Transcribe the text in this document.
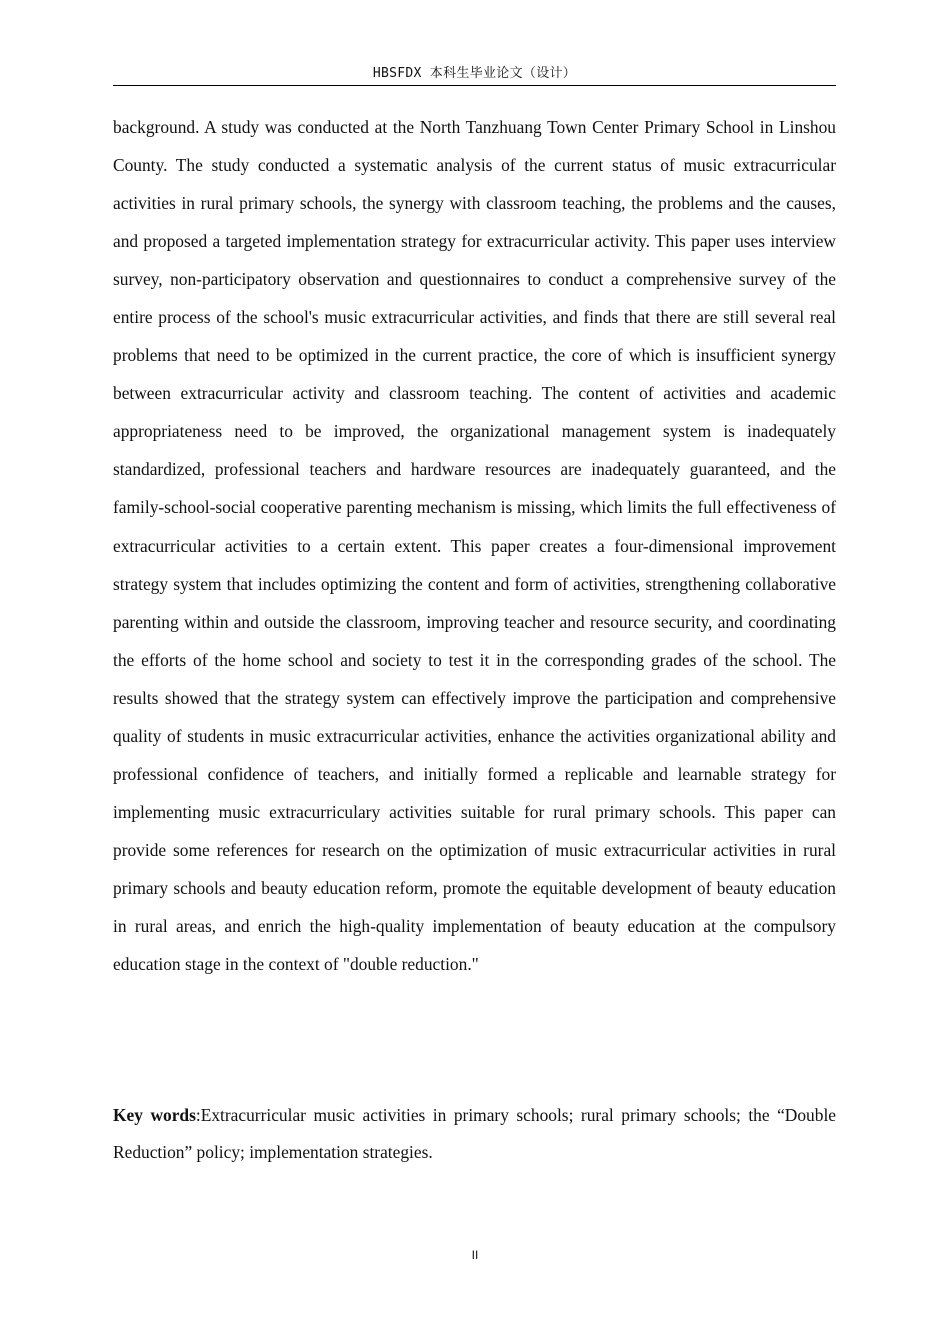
HBSFDX 本科生毕业论文（设计）

background. A study was conducted at the North Tanzhuang Town Center Primary School in Linshou County. The study conducted a systematic analysis of the current status of music extracurricular activities in rural primary schools, the synergy with classroom teaching, the problems and the causes, and proposed a targeted implementation strategy for extracurricular activity. This paper uses interview survey, non-participatory observation and questionnaires to conduct a comprehensive survey of the entire process of the school's music extracurricular activities, and finds that there are still several real problems that need to be optimized in the current practice, the core of which is insufficient synergy between extracurricular activity and classroom teaching. The content of activities and academic appropriateness need to be improved, the organizational management system is inadequately standardized, professional teachers and hardware resources are inadequately guaranteed, and the family-school-social cooperative parenting mechanism is missing, which limits the full effectiveness of extracurricular activities to a certain extent. This paper creates a four-dimensional improvement strategy system that includes optimizing the content and form of activities, strengthening collaborative parenting within and outside the classroom, improving teacher and resource security, and coordinating the efforts of the home school and society to test it in the corresponding grades of the school. The results showed that the strategy system can effectively improve the participation and comprehensive quality of students in music extracurricular activities, enhance the activities organizational ability and professional confidence of teachers, and initially formed a replicable and learnable strategy for implementing music extracurriculary activities suitable for rural primary schools. This paper can provide some references for research on the optimization of music extracurricular activities in rural primary schools and beauty education reform, promote the equitable development of beauty education in rural areas, and enrich the high-quality implementation of beauty education at the compulsory education stage in the context of "double reduction."

Key words:Extracurricular music activities in primary schools; rural primary schools; the “Double Reduction” policy; implementation strategies.

II
